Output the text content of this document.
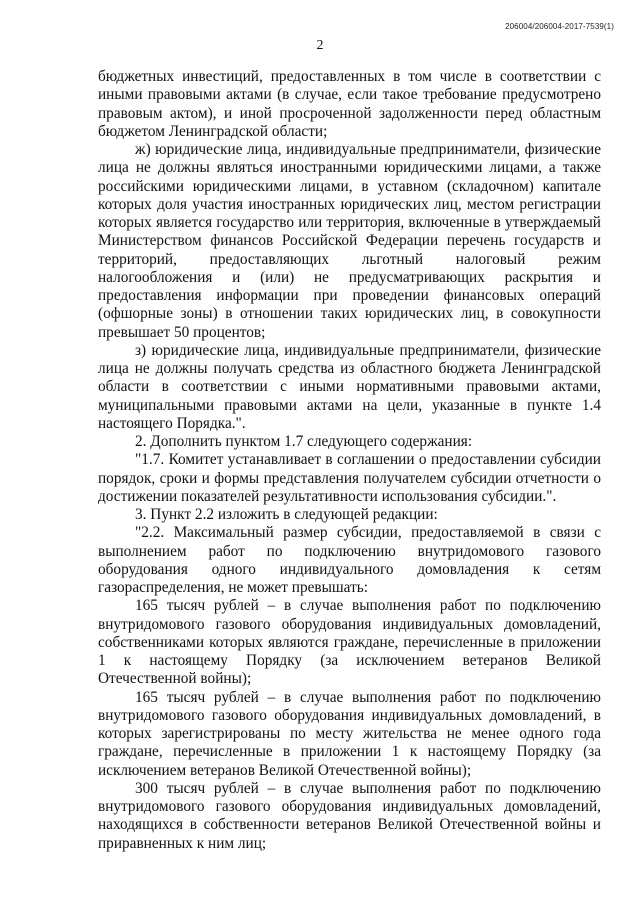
206004/206004-2017-7539(1)
2

бюджетных инвестиций, предоставленных в том числе в соответствии с иными правовыми актами (в случае, если такое требование предусмотрено правовым актом), и иной просроченной задолженности перед областным бюджетом Ленинградской области;

ж) юридические лица, индивидуальные предприниматели, физические лица не должны являться иностранными юридическими лицами, а также российскими юридическими лицами, в уставном (складочном) капитале которых доля участия иностранных юридических лиц, местом регистрации которых является государство или территория, включенные в утверждаемый Министерством финансов Российской Федерации перечень государств и территорий, предоставляющих льготный налоговый режим налогообложения и (или) не предусматривающих раскрытия и предоставления информации при проведении финансовых операций (офшорные зоны) в отношении таких юридических лиц, в совокупности превышает 50 процентов;

з) юридические лица, индивидуальные предприниматели, физические лица не должны получать средства из областного бюджета Ленинградской области в соответствии с иными нормативными правовыми актами, муниципальными правовыми актами на цели, указанные в пункте 1.4 настоящего Порядка.".

2. Дополнить пунктом 1.7 следующего содержания:

"1.7. Комитет устанавливает в соглашении о предоставлении субсидии порядок, сроки и формы представления получателем субсидии отчетности о достижении показателей результативности использования субсидии.".

3. Пункт 2.2 изложить в следующей редакции:

"2.2. Максимальный размер субсидии, предоставляемой в связи с выполнением работ по подключению внутридомового газового оборудования одного индивидуального домовладения к сетям газораспределения, не может превышать:

165 тысяч рублей – в случае выполнения работ по подключению внутридомового газового оборудования индивидуальных домовладений, собственниками которых являются граждане, перечисленные в приложении 1 к настоящему Порядку (за исключением ветеранов Великой Отечественной войны);

165 тысяч рублей – в случае выполнения работ по подключению внутридомового газового оборудования индивидуальных домовладений, в которых зарегистрированы по месту жительства не менее одного года граждане, перечисленные в приложении 1 к настоящему Порядку (за исключением ветеранов Великой Отечественной войны);

300 тысяч рублей – в случае выполнения работ по подключению внутридомового газового оборудования индивидуальных домовладений, находящихся в собственности ветеранов Великой Отечественной войны и приравненных к ним лиц;
